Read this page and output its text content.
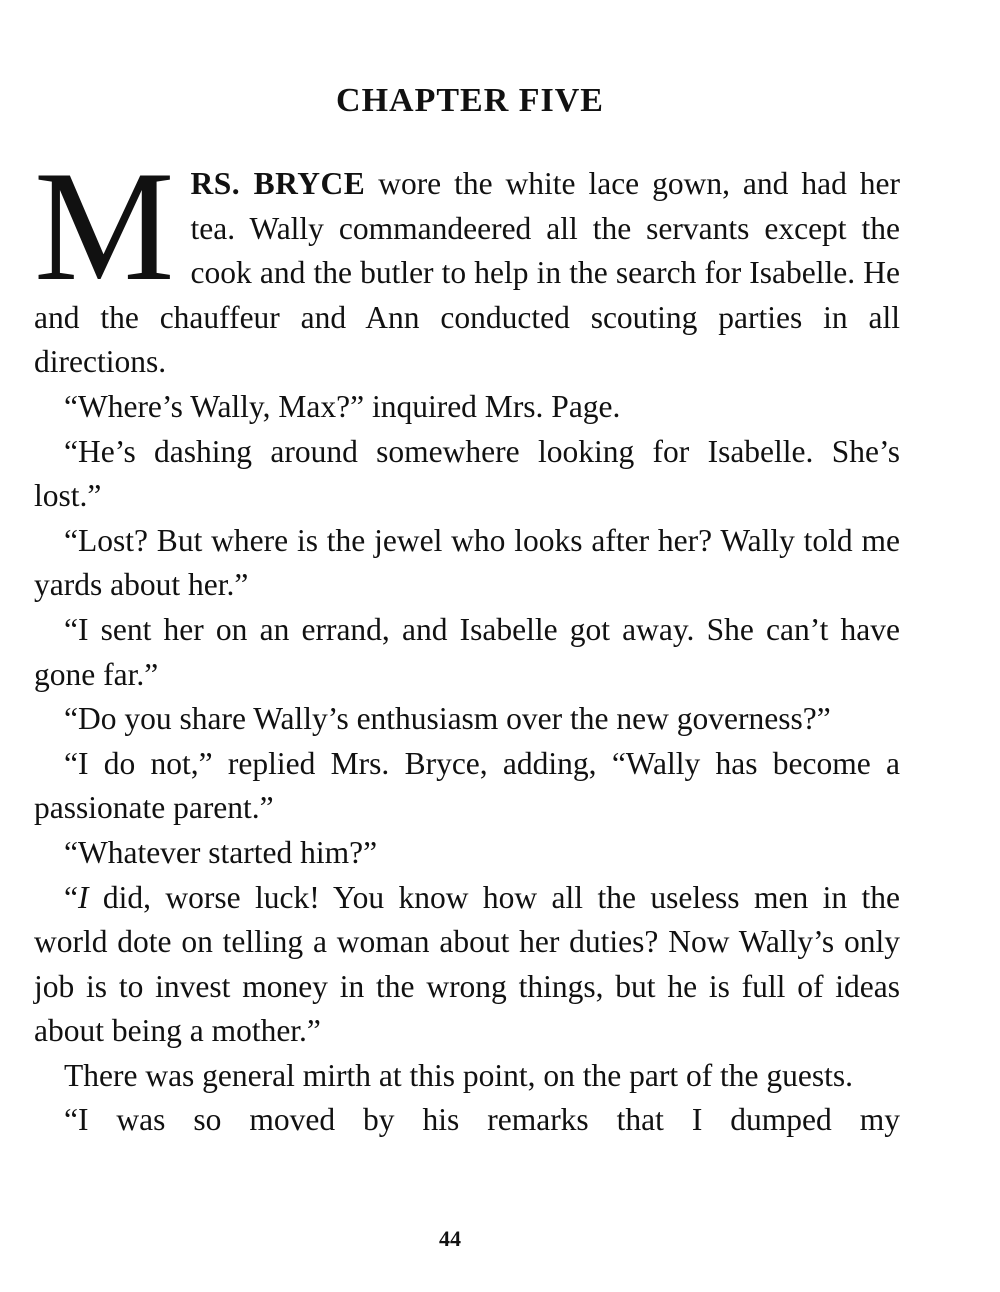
CHAPTER FIVE
M RS. BRYCE wore the white lace gown, and had her tea. Wally commandeered all the servants except the cook and the butler to help in the search for Isabelle. He and the chauffeur and Ann conducted scouting parties in all directions.

“Where’s Wally, Max?” inquired Mrs. Page.

“He’s dashing around somewhere looking for Isabelle. She’s lost.”

“Lost? But where is the jewel who looks after her? Wally told me yards about her.”

“I sent her on an errand, and Isabelle got away. She can’t have gone far.”

“Do you share Wally’s enthusiasm over the new governess?”

“I do not,” replied Mrs. Bryce, adding, “Wally has become a passionate parent.”

“Whatever started him?”

“I did, worse luck! You know how all the useless men in the world dote on telling a woman about her duties? Now Wally’s only job is to invest money in the wrong things, but he is full of ideas about being a mother.”

There was general mirth at this point, on the part of the guests.

“I was so moved by his remarks that I dumped my

44
